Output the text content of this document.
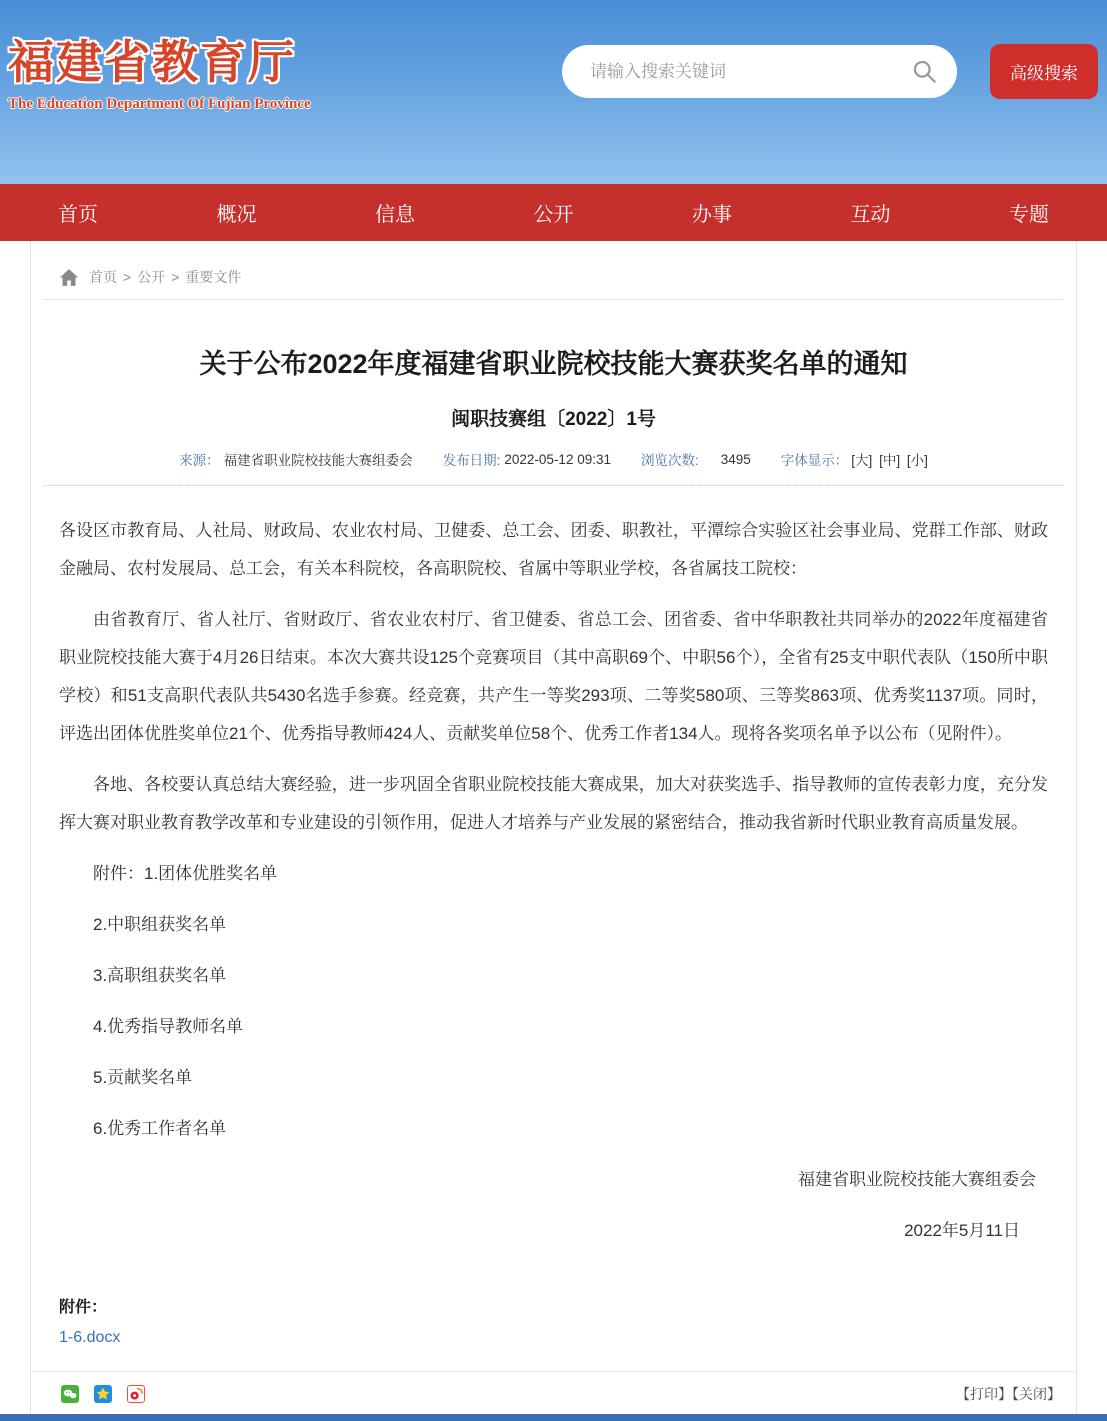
福建省教育厅
The Education Department Of Fujian Province
请输入搜索关键词
高级搜索
首页	概况	信息	公开	办事	互动	专题
首页 > 公开 > 重要文件
关于公布2022年度福建省职业院校技能大赛获奖名单的通知
闽职技赛组〔2022〕1号
来源： 福建省职业院校技能大赛组委会 发布日期: 2022-05-12 09:31 浏览次数: 3495 字体显示： [大] [中] [小]

各设区市教育局、人社局、财政局、农业农村局、卫健委、总工会、团委、职教社，平潭综合实验区社会事业局、党群工作部、财政金融局、农村发展局、总工会，有关本科院校，各高职院校、省属中等职业学校，各省属技工院校：

由省教育厅、省人社厅、省财政厅、省农业农村厅、省卫健委、省总工会、团省委、省中华职教社共同举办的2022年度福建省职业院校技能大赛于4月26日结束。本次大赛共设125个竞赛项目（其中高职69个、中职56个），全省有25支中职代表队（150所中职学校）和51支高职代表队共5430名选手参赛。经竞赛，共产生一等奖293项、二等奖580项、三等奖863项、优秀奖1137项。同时，评选出团体优胜奖单位21个、优秀指导教师424人、贡献奖单位58个、优秀工作者134人。现将各奖项名单予以公布（见附件）。

各地、各校要认真总结大赛经验，进一步巩固全省职业院校技能大赛成果，加大对获奖选手、指导教师的宣传表彰力度，充分发挥大赛对职业教育教学改革和专业建设的引领作用，促进人才培养与产业发展的紧密结合，推动我省新时代职业教育高质量发展。

附件：1.团体优胜奖名单

2.中职组获奖名单

3.高职组获奖名单

4.优秀指导教师名单

5.贡献奖名单

6.优秀工作者名单

福建省职业院校技能大赛组委会

2022年5月11日

附件：
1-6.docx
【打印】【关闭】
